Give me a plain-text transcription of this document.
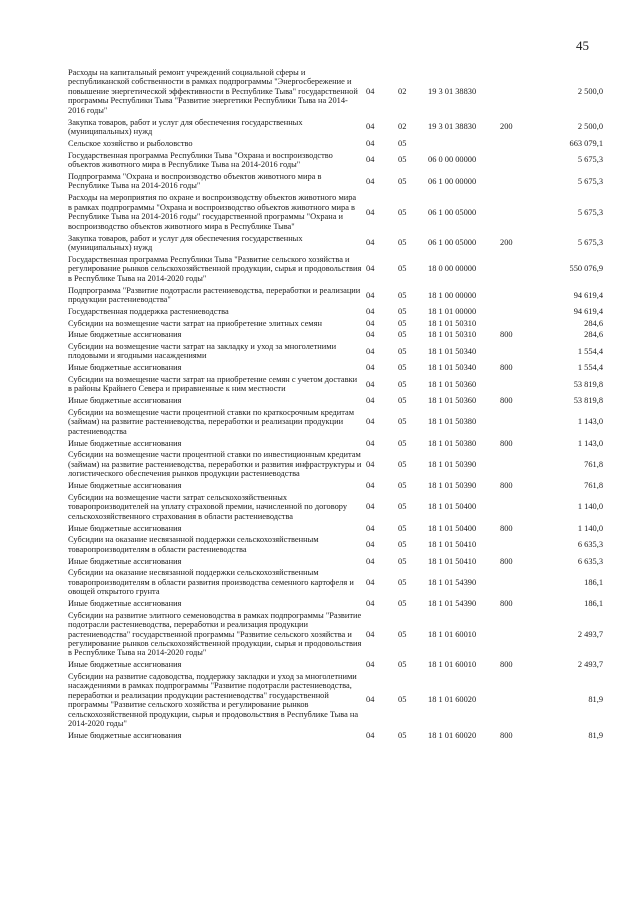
45
Расходы на капитальный ремонт учреждений социальной сферы и республиканской собственности в рамках подпрограммы "Энергосбережение и повышение энергетической эффективности в Республике Тыва" государственной программы Республики Тыва "Развитие энергетики Республики Тыва на 2014-2016 годы"	04	02	19 3 01 38830		2 500,0
Закупка товаров, работ и услуг для обеспечения государственных (муниципальных) нужд	04	02	19 3 01 38830	200	2 500,0
Сельское хозяйство и рыболовство	04	05			663 079,1
Государственная программа Республики Тыва "Охрана и воспроизводство объектов животного мира в Республике Тыва на 2014-2016 годы"	04	05	06 0 00 00000		5 675,3
Подпрограмма "Охрана и воспроизводство объектов животного мира в Республике Тыва на 2014-2016 годы"	04	05	06 1 00 00000		5 675,3
Расходы на мероприятия по охране и воспроизводству объектов животного мира в рамках подпрограммы "Охрана и воспроизводство объектов животного мира в Республике Тыва на 2014-2016 годы" государственной программы "Охрана и воспроизводство объектов животного мира в Республике Тыва"	04	05	06 1 00 05000		5 675,3
Закупка товаров, работ и услуг для обеспечения государственных (муниципальных) нужд	04	05	06 1 00 05000	200	5 675,3
Государственная программа Республики Тыва "Развитие сельского хозяйства и регулирование рынков сельскохозяйственной продукции, сырья и продовольствия в Республике Тыва на 2014-2020 годы"	04	05	18 0 00 00000		550 076,9
Подпрограмма "Развитие подотрасли растениеводства, переработки и реализации продукции растениеводства"	04	05	18 1 00 00000		94 619,4
Государственная поддержка растениеводства	04	05	18 1 01 00000		94 619,4
Субсидии на возмещение части затрат на приобретение элитных семян	04	05	18 1 01 50310		284,6
Иные бюджетные ассигнования	04	05	18 1 01 50310	800	284,6
Субсидии на возмещение части затрат на закладку и уход за многолетними плодовыми и ягодными насаждениями	04	05	18 1 01 50340		1 554,4
Иные бюджетные ассигнования	04	05	18 1 01 50340	800	1 554,4
Субсидии на возмещение части затрат на приобретение семян с учетом доставки в районы Крайнего Севера и приравненные к ним местности	04	05	18 1 01 50360		53 819,8
Иные бюджетные ассигнования	04	05	18 1 01 50360	800	53 819,8
Субсидии на возмещение части процентной ставки по краткосрочным кредитам (займам) на развитие растениеводства, переработки и реализации продукции растениеводства	04	05	18 1 01 50380		1 143,0
Иные бюджетные ассигнования	04	05	18 1 01 50380	800	1 143,0
Субсидии на возмещение части процентной ставки по инвестиционным кредитам (займам) на развитие растениеводства, переработки и развития инфраструктуры и логистического обеспечения рынков продукции растениеводства	04	05	18 1 01 50390		761,8
Иные бюджетные ассигнования	04	05	18 1 01 50390	800	761,8
Субсидии на возмещение части затрат сельскохозяйственных товаропроизводителей на уплату страховой премии, начисленной по договору сельскохозяйственного страхования в области растениеводства	04	05	18 1 01 50400		1 140,0
Иные бюджетные ассигнования	04	05	18 1 01 50400	800	1 140,0
Субсидии на оказание несвязанной поддержки сельскохозяйственным товаропроизводителям в области растениеводства	04	05	18 1 01 50410		6 635,3
Иные бюджетные ассигнования	04	05	18 1 01 50410	800	6 635,3
Субсидии на оказание несвязанной поддержки сельскохозяйственным товаропроизводителям в области развития производства семенного картофеля и овощей открытого грунта	04	05	18 1 01 54390		186,1
Иные бюджетные ассигнования	04	05	18 1 01 54390	800	186,1
Субсидии на развитие элитного семеноводства в рамках подпрограммы "Развитие подотрасли растениеводства, переработки и реализация продукции растениеводства" государственной программы "Развитие сельского хозяйства и регулирование рынков сельскохозяйственной продукции, сырья и продовольствия в Республике Тыва на 2014-2020 годы"	04	05	18 1 01 60010		2 493,7
Иные бюджетные ассигнования	04	05	18 1 01 60010	800	2 493,7
Субсидии на развитие садоводства, поддержку закладки и уход за многолетними насаждениями в рамках подпрограммы "Развитие подотрасли растениеводства, переработки и реализации продукции растениеводства" государственной программы "Развитие сельского хозяйства и регулирование рынков сельскохозяйственной продукции, сырья и продовольствия в Республике Тыва на 2014-2020 годы"	04	05	18 1 01 60020		81,9
Иные бюджетные ассигнования	04	05	18 1 01 60020	800	81,9
